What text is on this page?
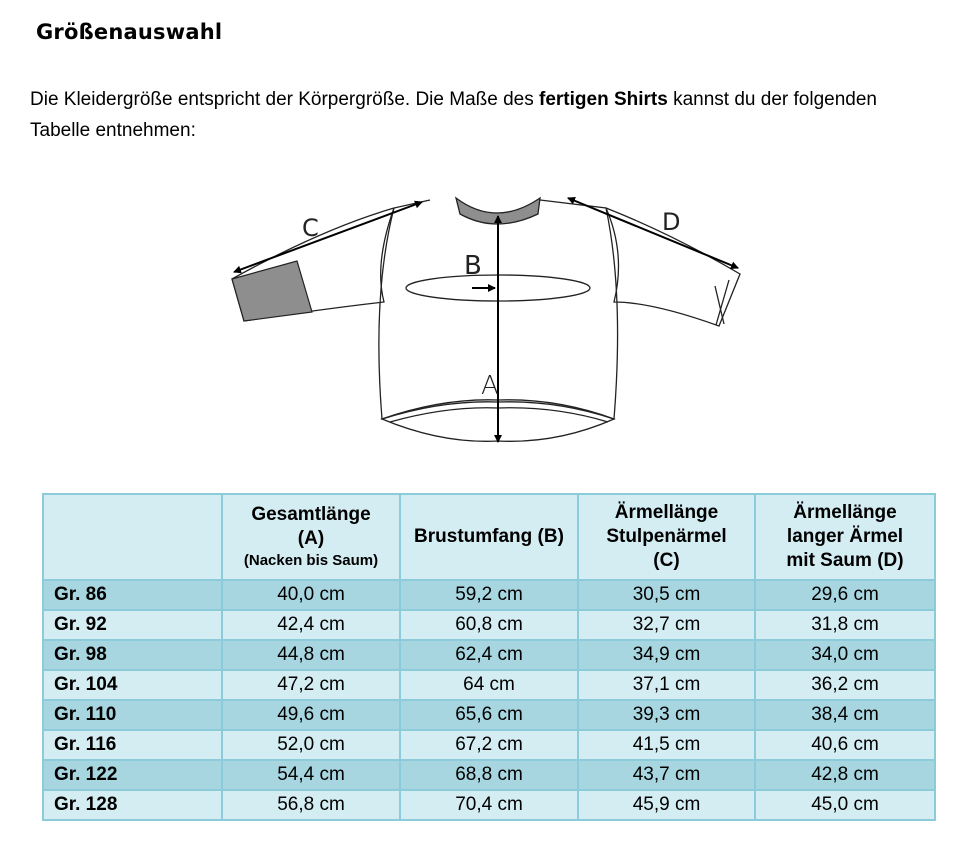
Größenauswahl
Die Kleidergröße entspricht der Körpergröße. Die Maße des fertigen Shirts kannst du der folgenden Tabelle entnehmen:
A
B
C	D
	Gesamtlänge
(A)
(Nacken bis Saum)	Brustumfang (B)	Ärmellänge
Stulpenärmel
(C)	Ärmellänge
langer Ärmel
mit Saum (D)
Gr. 86	40,0 cm	59,2 cm	30,5 cm	29,6 cm
Gr. 92	42,4 cm	60,8 cm	32,7 cm	31,8 cm
Gr. 98	44,8 cm	62,4 cm	34,9 cm	34,0 cm
Gr. 104	47,2 cm	64 cm	37,1 cm	36,2 cm
Gr. 110	49,6 cm	65,6 cm	39,3 cm	38,4 cm
Gr. 116	52,0 cm	67,2 cm	41,5 cm	40,6 cm
Gr. 122	54,4 cm	68,8 cm	43,7 cm	42,8 cm
Gr. 128	56,8 cm	70,4 cm	45,9 cm	45,0 cm
